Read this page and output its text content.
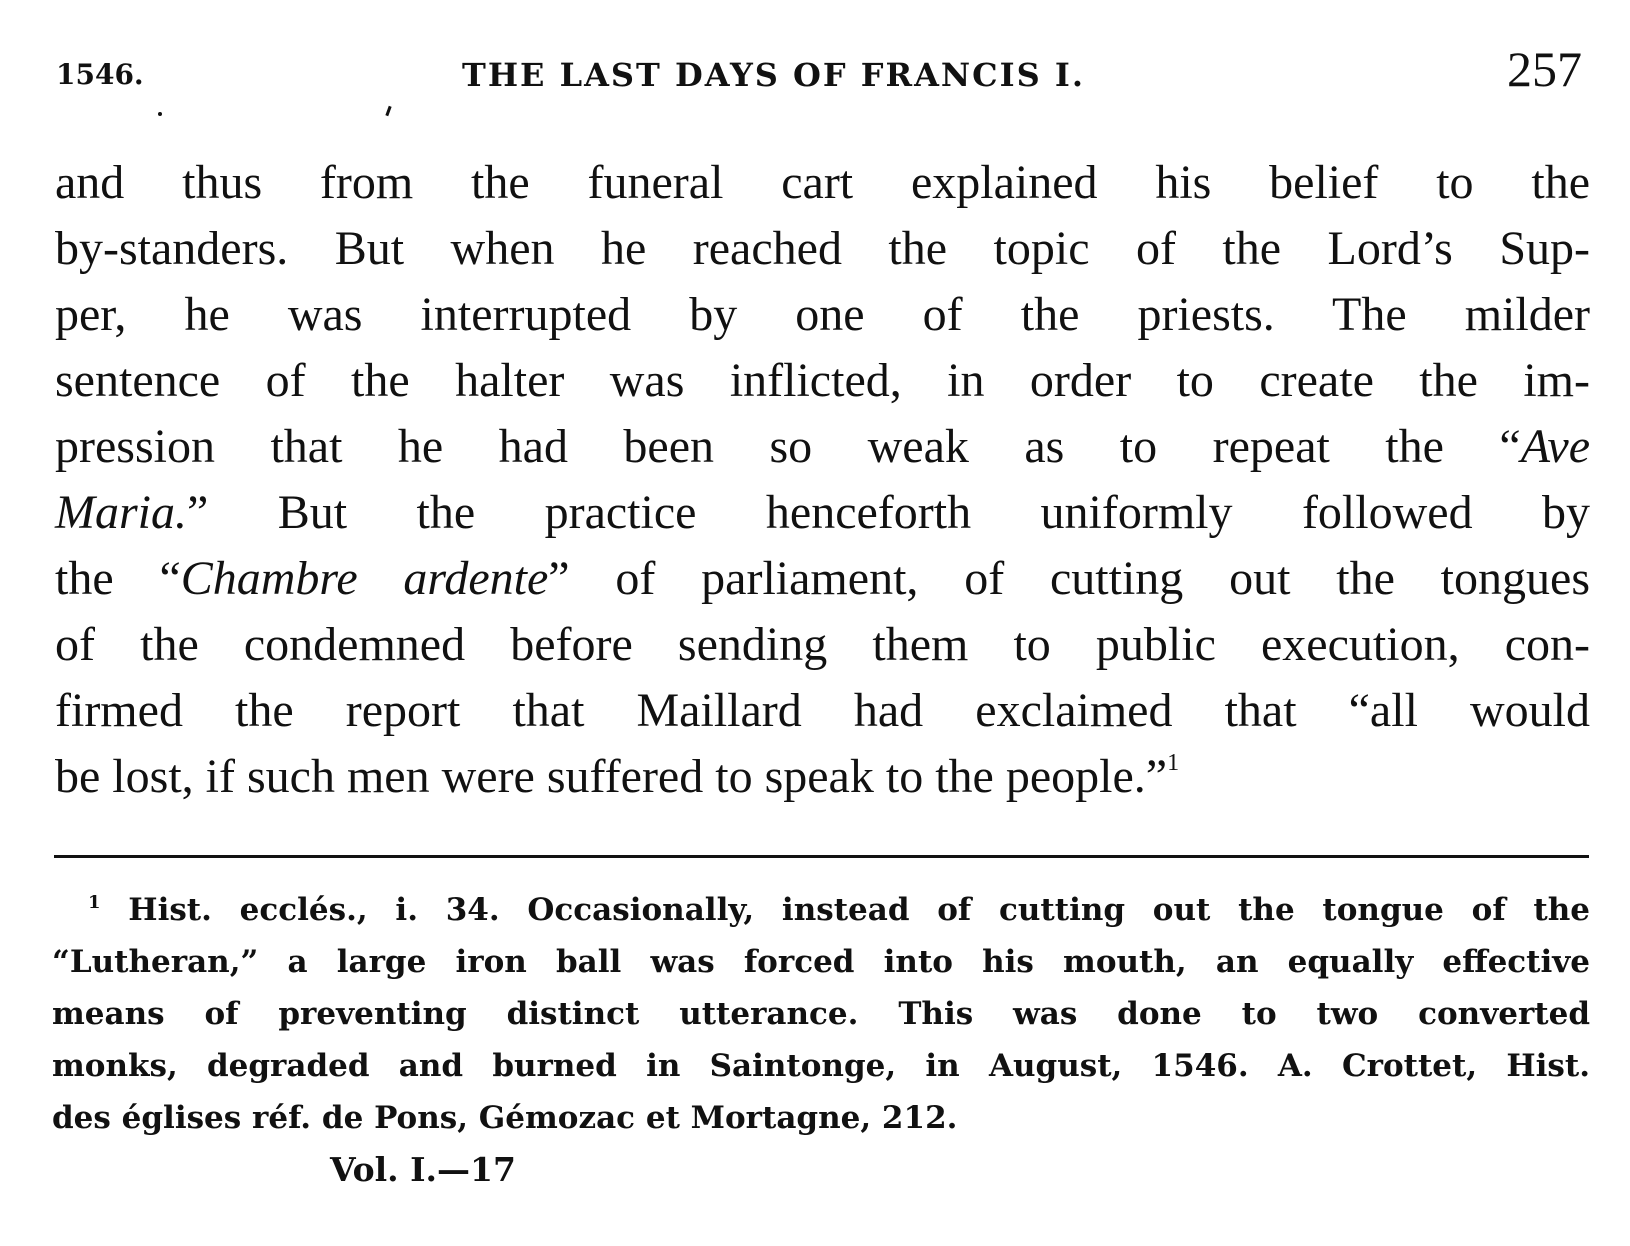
1546.	THE LAST DAYS OF FRANCIS I.	257

and thus from the funeral cart explained his belief to the
by-standers. But when he reached the topic of the Lord’s Sup-
per, he was interrupted by one of the priests. The milder
sentence of the halter was inflicted, in order to create the im-
pression that he had been so weak as to repeat the “Ave
Maria.” But the practice henceforth uniformly followed by
the “Chambre ardente” of parliament, of cutting out the tongues
of the condemned before sending them to public execution, con-
firmed the report that Maillard had exclaimed that “all would
be lost, if such men were suffered to speak to the people.”$^1$

$^1$ Hist. ecclés., i. 34. Occasionally, instead of cutting out the tongue of the
“Lutheran,” a large iron ball was forced into his mouth, an equally effective
means of preventing distinct utterance. This was done to two converted
monks, degraded and burned in Saintonge, in August, 1546. A. Crottet, Hist.
des églises réf. de Pons, Gémozac et Mortagne, 212.

Vol. I.—17
